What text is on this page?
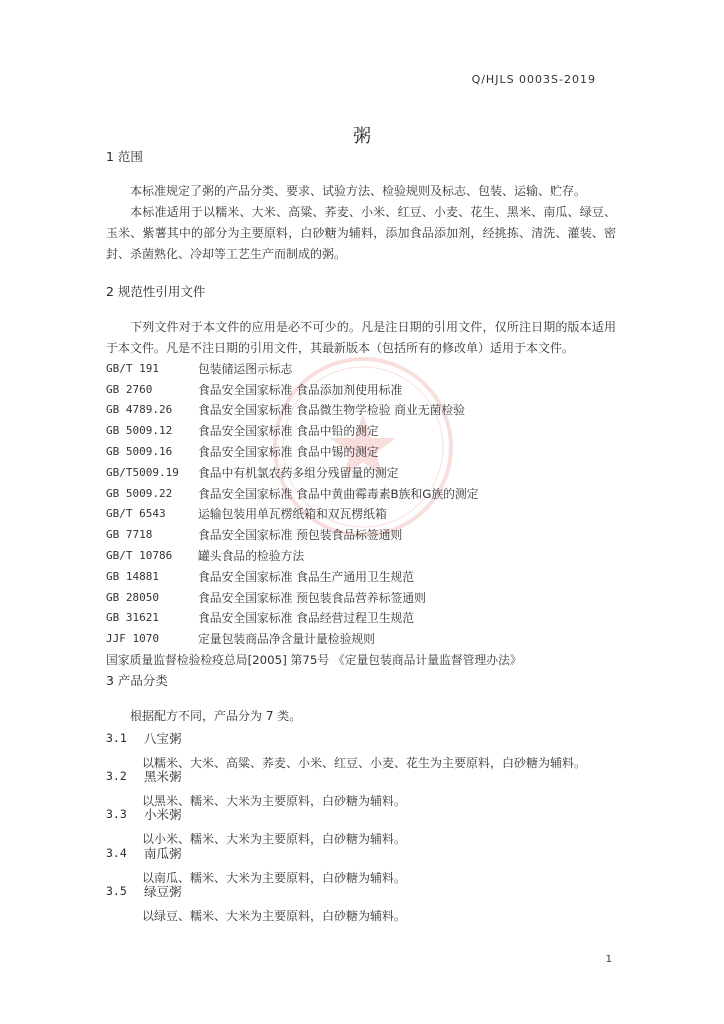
Q/HJLS 0003S-2019
粥
1 范围
本标准规定了粥的产品分类、要求、试验方法、检验规则及标志、包装、运输、贮存。
本标准适用于以糯米、大米、高粱、荞麦、小米、红豆、小麦、花生、黑米、南瓜、绿豆、玉米、紫薯其中的部分为主要原料，白砂糖为辅料，添加食品添加剂，经挑拣、清洗、灌装、密封、杀菌熟化、冷却等工艺生产而制成的粥。
2 规范性引用文件
下列文件对于本文件的应用是必不可少的。凡是注日期的引用文件，仅所注日期的版本适用于本文件。凡是不注日期的引用文件，其最新版本（包括所有的修改单）适用于本文件。
GB/T 191	包装储运图示标志
GB 2760	食品安全国家标准 食品添加剂使用标准
GB 4789.26	食品安全国家标准 食品微生物学检验 商业无菌检验
GB 5009.12	食品安全国家标准 食品中铅的测定
GB 5009.16	食品安全国家标准 食品中锡的测定
GB/T5009.19	食品中有机氯农药多组分残留量的测定
GB 5009.22	食品安全国家标准 食品中黄曲霉毒素B族和G族的测定
GB/T 6543	运输包装用单瓦楞纸箱和双瓦楞纸箱
GB 7718	食品安全国家标准 预包装食品标签通则
GB/T 10786	罐头食品的检验方法
GB 14881	食品安全国家标准 食品生产通用卫生规范
GB 28050	食品安全国家标准 预包装食品营养标签通则
GB 31621	食品安全国家标准 食品经营过程卫生规范
JJF 1070	定量包装商品净含量计量检验规则
国家质量监督检验检疫总局[2005] 第75号 《定量包装商品计量监督管理办法》
3 产品分类
根据配方不同，产品分为 7 类。
3.1	八宝粥
以糯米、大米、高粱、荞麦、小米、红豆、小麦、花生为主要原料，白砂糖为辅料。
3.2	黑米粥
以黑米、糯米、大米为主要原料，白砂糖为辅料。
3.3	小米粥
以小米、糯米、大米为主要原料，白砂糖为辅料。
3.4	南瓜粥
以南瓜、糯米、大米为主要原料，白砂糖为辅料。
3.5	绿豆粥
以绿豆、糯米、大米为主要原料，白砂糖为辅料。
1
